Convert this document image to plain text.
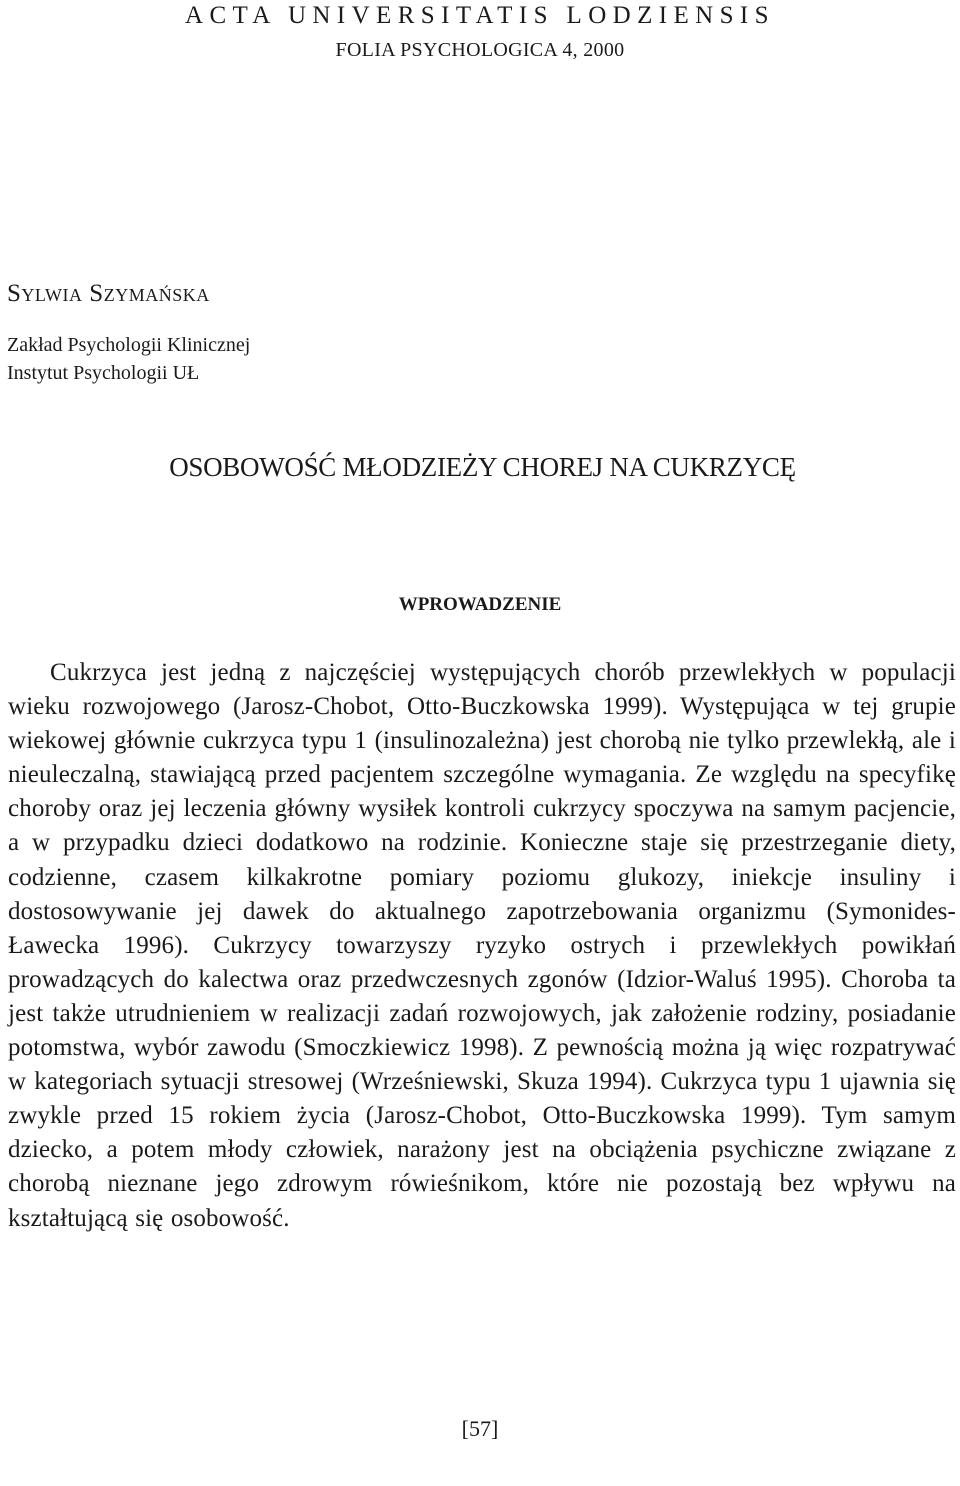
ACTA UNIVERSITATIS LODZIENSIS
FOLIA PSYCHOLOGICA 4, 2000
Sylwia Szymańska
Zakład Psychologii Klinicznej
Instytut Psychologii UŁ
OSOBOWOŚĆ MŁODZIEŻY CHOREJ NA CUKRZYCĘ
WPROWADZENIE

Cukrzyca jest jedną z najczęściej występujących chorób przewlekłych w populacji wieku rozwojowego (Jarosz-Chobot, Otto-Buczkowska 1999). Występująca w tej grupie wiekowej głównie cukrzyca typu 1 (insulinozależna) jest chorobą nie tylko przewlekłą, ale i nieuleczalną, stawiającą przed pacjentem szczególne wymagania. Ze względu na specyfikę choroby oraz jej leczenia główny wysiłek kontroli cukrzycy spoczywa na samym pacjencie, a w przypadku dzieci dodatkowo na rodzinie. Konieczne staje się przestrzeganie diety, codzienne, czasem kilkakrotne pomiary poziomu glukozy, iniekcje insuliny i dostosowywanie jej dawek do aktualnego zapotrzebowania organizmu (Symonides-Ławecka 1996). Cukrzycy towarzyszy ryzyko ostrych i przewlekłych powikłań prowadzących do kalectwa oraz przedwczesnych zgonów (Idzior-Waluś 1995). Choroba ta jest także utrudnieniem w realizacji zadań rozwojowych, jak założenie rodziny, posiadanie potomstwa, wybór zawodu (Smoczkiewicz 1998). Z pewnością można ją więc rozpatrywać w kategoriach sytuacji stresowej (Wrześniewski, Skuza 1994). Cukrzyca typu 1 ujawnia się zwykle przed 15 rokiem życia (Jarosz-Chobot, Otto-Buczkowska 1999). Tym samym dziecko, a potem młody człowiek, narażony jest na obciążenia psychiczne związane z chorobą nieznane jego zdrowym rówieśnikom, które nie pozostają bez wpływu na kształtującą się osobowość.

[57]
